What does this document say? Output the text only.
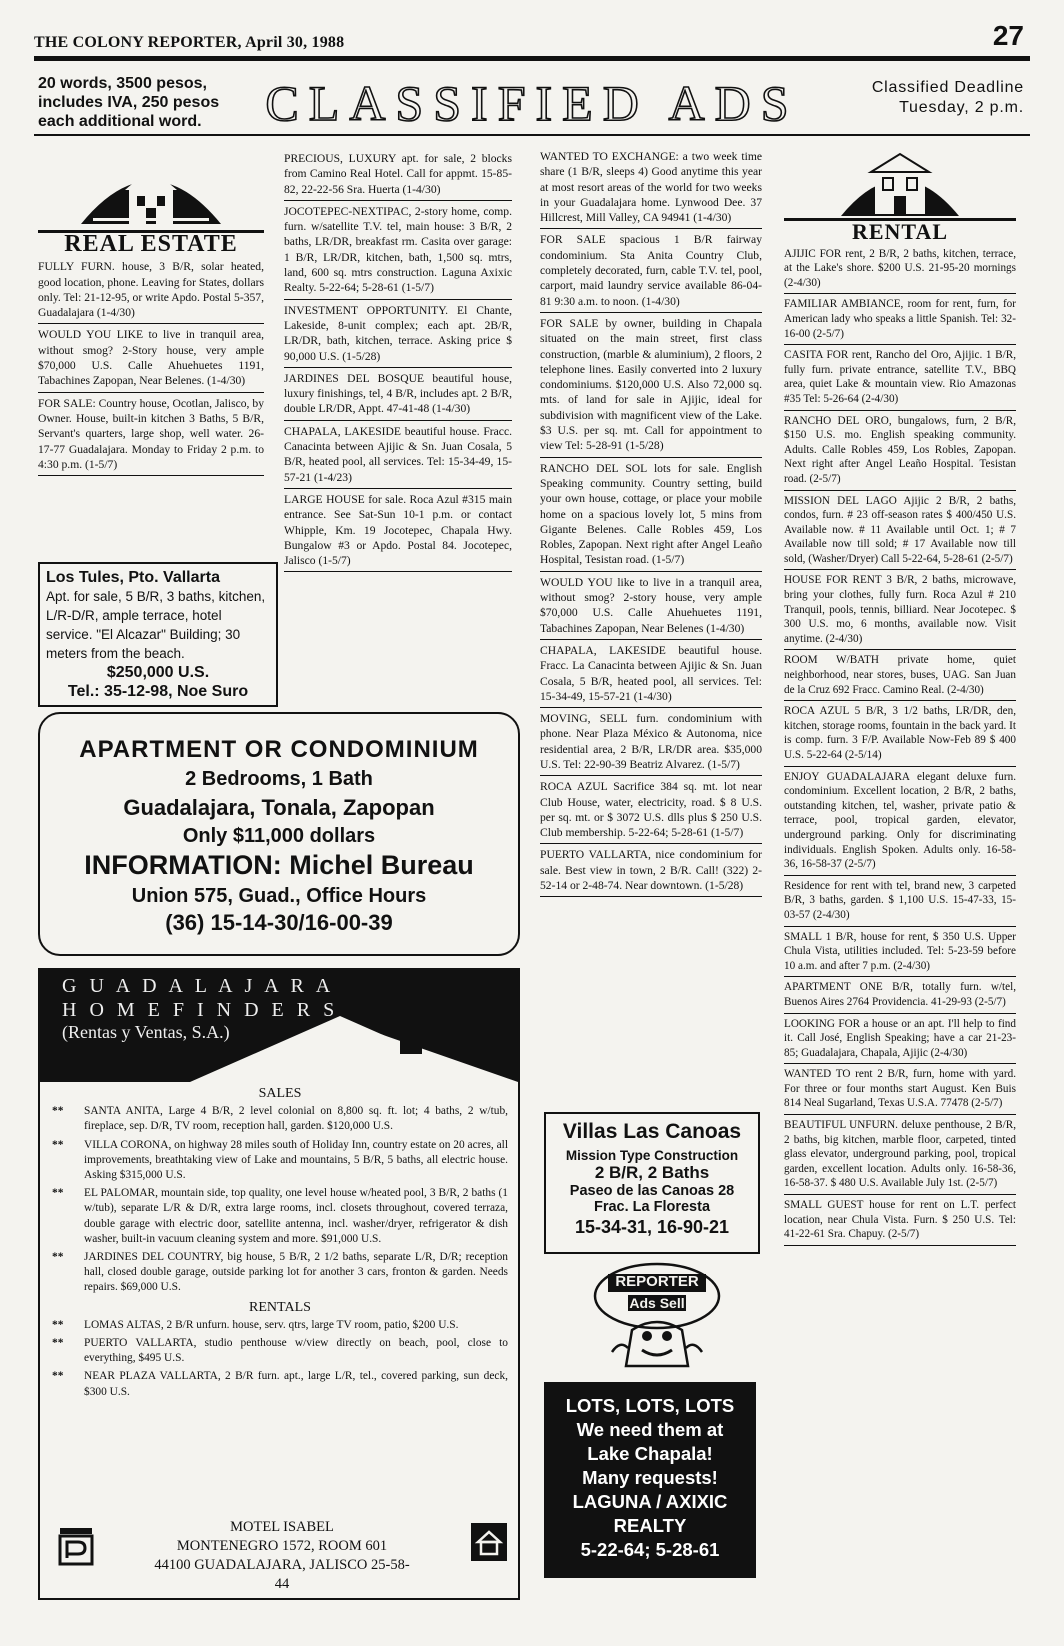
THE COLONY REPORTER, April 30, 1988	27
20 words, 3500 pesos,
includes IVA, 250 pesos
each additional word.	CLASSIFIED ADS	Classified Deadline
Tuesday, 2 p.m.
REAL ESTATE

FULLY FURN. house, 3 B/R, solar heated, good location, phone. Leaving for States, dollars only. Tel: 21-12-95, or write Apdo. Postal 5-357, Guadalajara (1-4/30)

WOULD YOU LIKE to live in tranquil area, without smog? 2-Story house, very ample $70,000 U.S. Calle Ahuehuetes 1191, Tabachines Zapopan, Near Belenes. (1-4/30)

FOR SALE: Country house, Ocotlan, Jalisco, by Owner. House, built-in kitchen 3 Baths, 5 B/R, Servant's quarters, large shop, well water. 26-17-77 Guadalajara. Monday to Friday 2 p.m. to 4:30 p.m. (1-5/7)

Los Tules, Pto. Vallarta
Apt. for sale, 5 B/R, 3 baths, kitchen, L/R-D/R, ample terrace, hotel service. "El Alcazar" Building; 30 meters from the beach.
$250,000 U.S.
Tel.: 35-12-98, Noe Suro

PRECIOUS, LUXURY apt. for sale, 2 blocks from Camino Real Hotel. Call for appmt. 15-85-82, 22-22-56 Sra. Huerta (1-4/30)

JOCOTEPEC-NEXTIPAC, 2-story home, comp. furn. w/satellite T.V. tel, main house: 3 B/R, 2 baths, LR/DR, breakfast rm. Casita over garage: 1 B/R, LR/DR, kitchen, bath, 1,500 sq. mtrs, land, 600 sq. mtrs construction. Laguna Axixic Realty. 5-22-64; 5-28-61 (1-5/7)

INVESTMENT OPPORTUNITY. El Chante, Lakeside, 8-unit complex; each apt. 2B/R, LR/DR, bath, kitchen, terrace. Asking price $ 90,000 U.S. (1-5/28)

JARDINES DEL BOSQUE beautiful house, luxury finishings, tel, 4 B/R, includes apt. 2 B/R, double LR/DR, Appt. 47-41-48 (1-4/30)

CHAPALA, LAKESIDE beautiful house. Fracc. Canacinta between Ajijic & Sn. Juan Cosala, 5 B/R, heated pool, all services. Tel: 15-34-49, 15-57-21 (1-4/23)

LARGE HOUSE for sale. Roca Azul #315 main entrance. See Sat-Sun 10-1 p.m. or contact Whipple, Km. 19 Jocotepec, Chapala Hwy. Bungalow #3 or Apdo. Postal 84. Jocotepec, Jalisco (1-5/7)

APARTMENT OR CONDOMINIUM
2 Bedrooms, 1 Bath
Guadalajara, Tonala, Zapopan
Only $11,000 dollars
INFORMATION: Michel Bureau
Union 575, Guad., Office Hours
(36) 15-14-30/16-00-39
G U A D A L A J A R A
H O M E F I N D E R S
(Rentas y Ventas, S.A.)
SALES
** SANTA ANITA, Large 4 B/R, 2 level colonial on 8,800 sq. ft. lot; 4 baths, 2 w/tub, fireplace, sep. D/R, TV room, reception hall, garden. $120,000 U.S.
** VILLA CORONA, on highway 28 miles south of Holiday Inn, country estate on 20 acres, all improvements, breathtaking view of Lake and mountains, 5 B/R, 5 baths, all electric house. Asking $315,000 U.S.
** EL PALOMAR, mountain side, top quality, one level house w/heated pool, 3 B/R, 2 baths (1 w/tub), separate L/R & D/R, extra large rooms, incl. closets throughout, covered terraza, double garage with electric door, satellite antenna, incl. washer/dryer, refrigerator & dish washer, built-in vacuum cleaning system and more. $91,000 U.S.
** JARDINES DEL COUNTRY, big house, 5 B/R, 2 1/2 baths, separate L/R, D/R; reception hall, closed double garage, outside parking lot for another 3 cars, fronton & garden. Needs repairs. $69,000 U.S.
RENTALS
** LOMAS ALTAS, 2 B/R unfurn. house, serv. qtrs, large TV room, patio, $200 U.S.
** PUERTO VALLARTA, studio penthouse w/view directly on beach, pool, close to everything, $495 U.S.
** NEAR PLAZA VALLARTA, 2 B/R furn. apt., large L/R, tel., covered parking, sun deck, $300 U.S.
MOTEL ISABEL
MONTENEGRO 1572, ROOM 601
44100 GUADALAJARA, JALISCO 25-58-44

WANTED TO EXCHANGE: a two week time share (1 B/R, sleeps 4) Good anytime this year at most resort areas of the world for two weeks in your Guadalajara home. Lynwood Dee. 37 Hillcrest, Mill Valley, CA 94941 (1-4/30)

FOR SALE spacious 1 B/R fairway condominium. Sta Anita Country Club, completely decorated, furn, cable T.V. tel, pool, carport, maid laundry service available 86-04-81 9:30 a.m. to noon. (1-4/30)

FOR SALE by owner, building in Chapala situated on the main street, first class construction, (marble & aluminium), 2 floors, 2 telephone lines. Easily converted into 2 luxury condominiums. $120,000 U.S. Also 72,000 sq. mts. of land for sale in Ajijic, ideal for subdivision with magnificent view of the Lake. $3 U.S. per sq. mt. Call for appointment to view Tel: 5-28-91 (1-5/28)

RANCHO DEL SOL lots for sale. English Speaking community. Country setting, build your own house, cottage, or place your mobile home on a spacious lovely lot, 5 mins from Gigante Belenes. Calle Robles 459, Los Robles, Zapopan. Next right after Angel Leaño Hospital, Tesistan road. (1-5/7)

WOULD YOU like to live in a tranquil area, without smog? 2-story house, very ample $70,000 U.S. Calle Ahuehuetes 1191, Tabachines Zapopan, Near Belenes (1-4/30)

CHAPALA, LAKESIDE beautiful house. Fracc. La Canacinta between Ajijic & Sn. Juan Cosala, 5 B/R, heated pool, all services. Tel: 15-34-49, 15-57-21 (1-4/30)

MOVING, SELL furn. condominium with phone. Near Plaza México & Autonoma, nice residential area, 2 B/R, LR/DR area. $35,000 U.S. Tel: 22-90-39 Beatriz Alvarez. (1-5/7)

ROCA AZUL Sacrifice 384 sq. mt. lot near Club House, water, electricity, road. $ 8 U.S. per sq. mt. or $ 3072 U.S. dlls plus $ 250 U.S. Club membership. 5-22-64; 5-28-61 (1-5/7)

PUERTO VALLARTA, nice condominium for sale. Best view in town, 2 B/R. Call! (322) 2-52-14 or 2-48-74. Near downtown. (1-5/28)

Villas Las Canoas
Mission Type Construction
2 B/R, 2 Baths
Paseo de las Canoas 28
Frac. La Floresta
15-34-31, 16-90-21
REPORTER
Ads Sell
LOTS, LOTS, LOTS
We need them at
Lake Chapala!
Many requests!
LAGUNA / AXIXIC
REALTY
5-22-64; 5-28-61
RENTAL

AJIJIC FOR rent, 2 B/R, 2 baths, kitchen, terrace, at the Lake's shore. $200 U.S. 21-95-20 mornings (2-4/30)

FAMILIAR AMBIANCE, room for rent, furn, for American lady who speaks a little Spanish. Tel: 32-16-00 (2-5/7)

CASITA FOR rent, Rancho del Oro, Ajijic. 1 B/R, fully furn. private entrance, satellite T.V., BBQ area, quiet Lake & mountain view. Rio Amazonas #35 Tel: 5-26-64 (2-4/30)

RANCHO DEL ORO, bungalows, furn, 2 B/R, $150 U.S. mo. English speaking community. Adults. Calle Robles 459, Los Robles, Zapopan. Next right after Angel Leaño Hospital. Tesistan road. (2-5/7)

MISSION DEL LAGO Ajijic 2 B/R, 2 baths, condos, furn. # 23 off-season rates $ 400/450 U.S. Available now. # 11 Available until Oct. 1; # 7 Available now till sold; # 17 Available now till sold, (Washer/Dryer) Call 5-22-64, 5-28-61 (2-5/7)

HOUSE FOR RENT 3 B/R, 2 baths, microwave, bring your clothes, fully furn. Roca Azul # 210 Tranquil, pools, tennis, billiard. Near Jocotepec. $ 300 U.S. mo, 6 months, available now. Visit anytime. (2-4/30)

ROOM W/BATH private home, quiet neighborhood, near stores, buses, UAG. San Juan de la Cruz 692 Fracc. Camino Real. (2-4/30)

ROCA AZUL 5 B/R, 3 1/2 baths, LR/DR, den, kitchen, storage rooms, fountain in the back yard. It is comp. furn. 3 F/P. Available Now-Feb 89 $ 400 U.S. 5-22-64 (2-5/14)

ENJOY GUADALAJARA elegant deluxe furn. condominium. Excellent location, 2 B/R, 2 baths, outstanding kitchen, tel, washer, private patio & terrace, pool, tropical garden, elevator, underground parking. Only for discriminating individuals. English Spoken. Adults only. 16-58-36, 16-58-37 (2-5/7)

Residence for rent with tel, brand new, 3 carpeted B/R, 3 baths, garden. $ 1,100 U.S. 15-47-33, 15-03-57 (2-4/30)

SMALL 1 B/R, house for rent, $ 350 U.S. Upper Chula Vista, utilities included. Tel: 5-23-59 before 10 a.m. and after 7 p.m. (2-4/30)

APARTMENT ONE B/R, totally furn. w/tel, Buenos Aires 2764 Providencia. 41-29-93 (2-5/7)

LOOKING FOR a house or an apt. I'll help to find it. Call José, English Speaking; have a car 21-23-85; Guadalajara, Chapala, Ajijic (2-4/30)

WANTED TO rent 2 B/R, furn, home with yard. For three or four months start August. Ken Buis 814 Neal Sugarland, Texas U.S.A. 77478 (2-5/7)

BEAUTIFUL UNFURN. deluxe penthouse, 2 B/R, 2 baths, big kitchen, marble floor, carpeted, tinted glass elevator, underground parking, pool, tropical garden, excellent location. Adults only. 16-58-36, 16-58-37. $ 480 U.S. Available July 1st. (2-5/7)

SMALL GUEST house for rent on L.T. perfect location, near Chula Vista. Furn. $ 250 U.S. Tel: 41-22-61 Sra. Chapuy. (2-5/7)
